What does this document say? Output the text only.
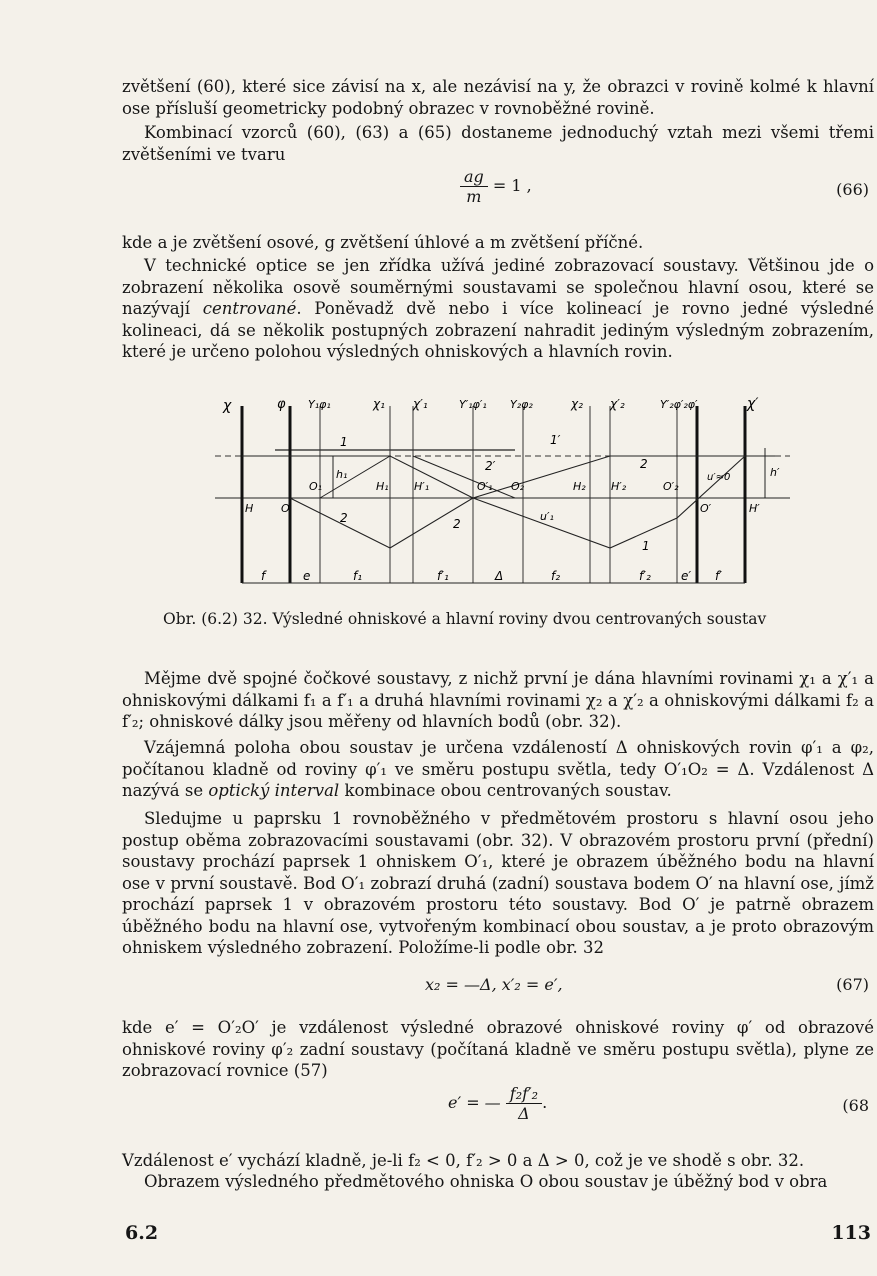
zvětšení (60), které sice závisí na x, ale nezávisí na y, že obrazci v rovině kolmé k hlavní ose přísluší geometricky podobný obrazec v rovnoběžné rovině.

Kombinací vzorců (60), (63) a (65) dostaneme jednoduchý vztah mezi všemi třemi zvětšeními ve tvaru

$\frac{ag}{m} = 1$ ,	(66)

kde a je zvětšení osové, g zvětšení úhlové a m zvětšení příčné.

V technické optice se jen zřídka užívá jediné zobrazovací soustavy. Většinou jde o zobrazení několika osově souměrnými soustavami se společnou hlavní osou, které se nazývají centrované. Poněvadž dvě nebo i více kolineací je rovno jedné výsledné kolineaci, dá se několik postupných zobrazení nahradit jediným výsledným zobrazením, které je určeno polohou výsledných ohniskových a hlavních rovin.

χ	φ Y₁φ₁	χ₁ χ′₁	Y′₁φ′₁ Y₂φ₂	χ₂ χ′₂	Y′₂φ′₂φ′	χ′
H	O
O₁	H₁ H′₁	O′₁ O₂	H₂ H′₂	O′₂
O′	H′
1	1′
2′
2	2
2
1
h₁	h′
u′₁
u′≈0
f	e	f₁	f′₁	Δ	f₂	f′₂	e′ f′
Obr. (6.2) 32. Výsledné ohniskové a hlavní roviny dvou centrovaných soustav

Mějme dvě spojné čočkové soustavy, z nichž první je dána hlavními rovinami χ₁ a χ′₁ a ohniskovými dálkami f₁ a f′₁ a druhá hlavními rovinami χ₂ a χ′₂ a ohniskovými dálkami f₂ a f′₂; ohniskové dálky jsou měřeny od hlavních bodů (obr. 32).

Vzájemná poloha obou soustav je určena vzdáleností Δ ohniskových rovin φ′₁ a φ₂, počítanou kladně od roviny φ′₁ ve směru postupu světla, tedy O′₁O₂ = Δ. Vzdálenost Δ nazývá se optický interval kombinace obou centrovaných soustav.

Sledujme u paprsku 1 rovnoběžného v předmětovém prostoru s hlavní osou jeho postup oběma zobrazovacími soustavami (obr. 32). V obrazovém prostoru první (přední) soustavy prochází paprsek 1 ohniskem O′₁, které je obrazem úběžného bodu na hlavní ose v první soustavě. Bod O′₁ zobrazí druhá (zadní) soustava bodem O′ na hlavní ose, jímž prochází paprsek 1 v obrazovém prostoru této soustavy. Bod O′ je patrně obrazem úběžného bodu na hlavní ose, vytvořeným kombinací obou soustav, a je proto obrazovým ohniskem výsledného zobrazení. Položíme-li podle obr. 32

x₂ = —Δ, x′₂ = e′,	(67)

kde e′ = O′₂O′ je vzdálenost výsledné obrazové ohniskové roviny φ′ od obrazové ohniskové roviny φ′₂ zadní soustavy (počítaná kladně ve směru postupu světla), plyne ze zobrazovací rovnice (57)

e′ = — $\frac{\text{f₂f′₂}}{\Delta}$ .	(68

Vzdálenost e′ vychází kladně, je-li f₂ < 0, f′₂ > 0 a Δ > 0, což je ve shodě s obr. 32.

Obrazem výsledného předmětového ohniska O obou soustav je úběžný bod v obra

6.2	113
